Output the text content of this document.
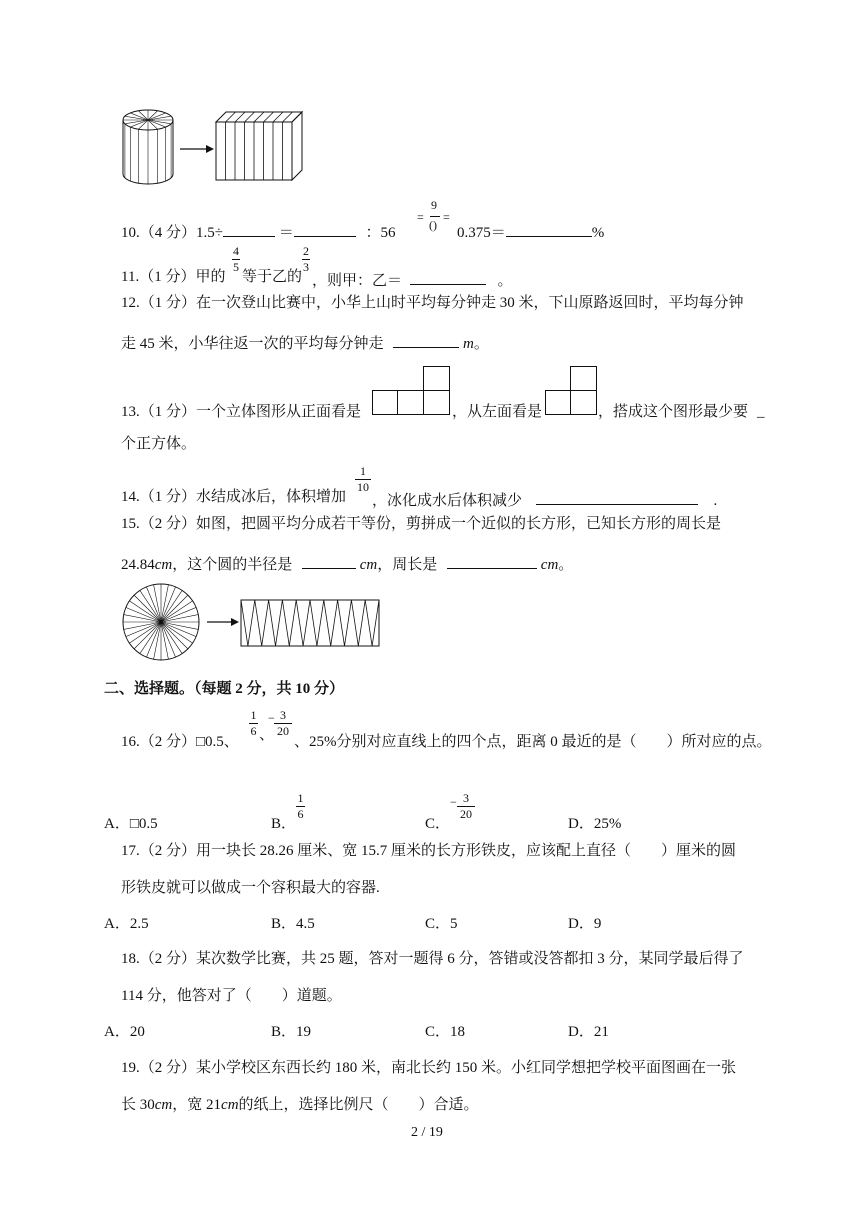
10.（4 分）1.5÷	＝	：56
9
= =
() 0.375＝	%
11.（1 分）甲的
$\frac{4}{5}$
等于乙的
$\frac{2}{3}$
，则甲：乙＝	。
12.（1 分）在一次登山比赛中，小华上山时平均每分钟走 30 米，下山原路返回时，平均每分钟
走 45 米，小华往返一次的平均每分钟走	m。
13.（1 分）一个立体图形从正面看是	，从左面看是	，搭成这个图形最少要 _
个正方体。
14.（1 分）水结成冰后，体积增加
$\frac{1}{10}$
，冰化成水后体积减少	.
15.（2 分）如图，把圆平均分成若干等份，剪拼成一个近似的长方形，已知长方形的周长是
24.84cm，这个圆的半径是	cm，周长是	cm。
二、选择题。（每题 2 分，共 10 分）
16.（2 分）□0.5、
$\frac{1}{6}$ 、
− $\frac{3}{20}$
、25%分别对应直线上的四个点，距离 0 最近的是（　　）所对应的点。
A．□0.5	B．
$\frac{1}{6}$
C．
− $\frac{3}{20}$
D．25%
17.（2 分）用一块长 28.26 厘米、宽 15.7 厘米的长方形铁皮，应该配上直径（　　）厘米的圆
形铁皮就可以做成一个容积最大的容器.
A．2.5	B．4.5	C．5	D．9
18.（2 分）某次数学比赛，共 25 题，答对一题得 6 分，答错或没答都扣 3 分，某同学最后得了
114 分，他答对了（　　）道题。
A．20	B．19	C．18	D．21
19.（2 分）某小学校区东西长约 180 米，南北长约 150 米。小红同学想把学校平面图画在一张
长 30cm，宽 21cm的纸上，选择比例尺（　　）合适。
2 / 19
